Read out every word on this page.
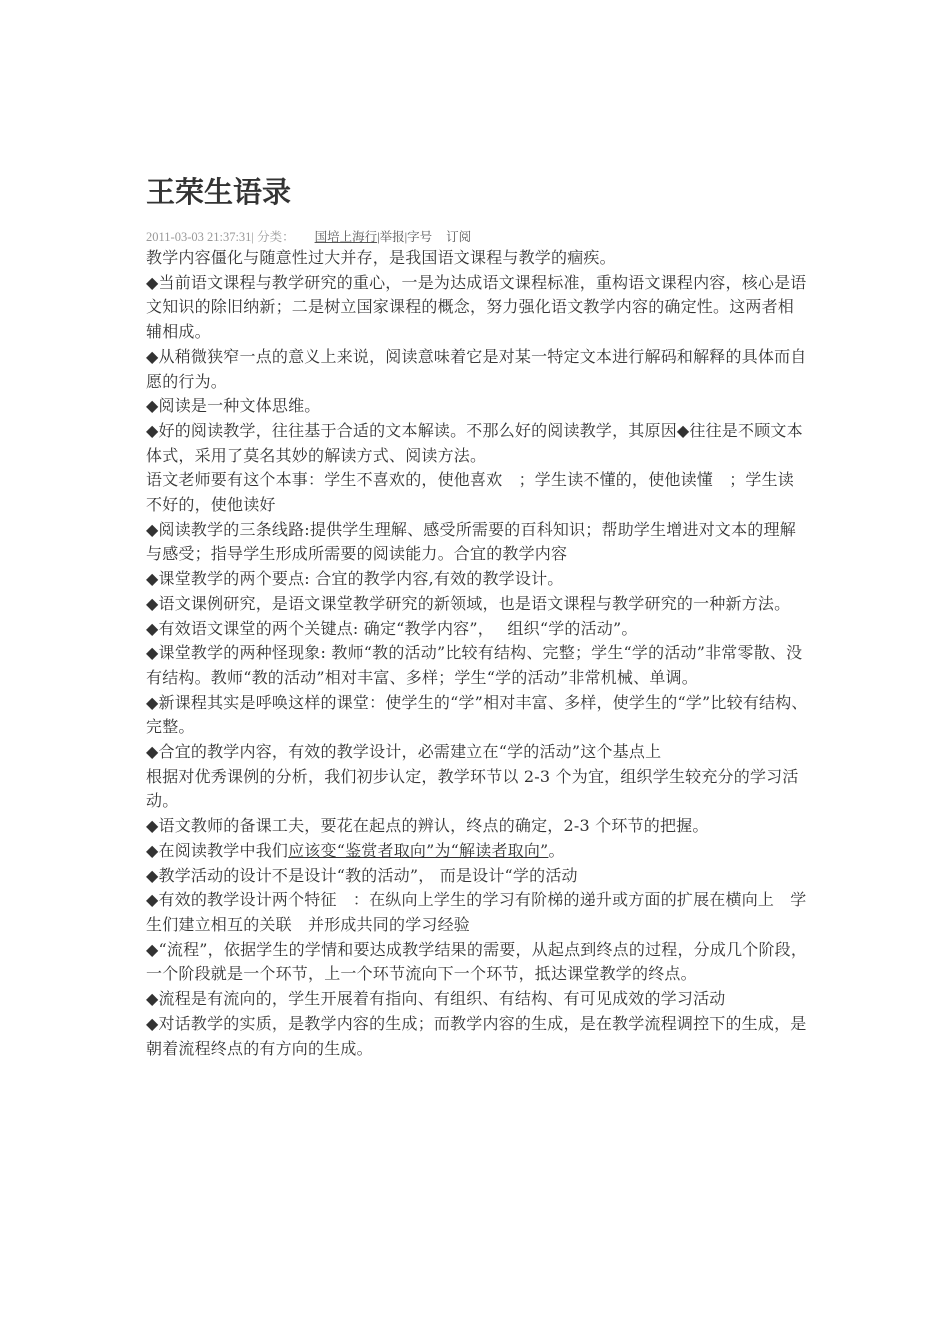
王荣生语录
2011-03-03 21:37:31| 分类： 国培上海行|举报|字号 订阅

教学内容僵化与随意性过大并存，是我国语文课程与教学的痼疾。

◆当前语文课程与教学研究的重心，一是为达成语文课程标准，重构语文课程内容，核心是语文知识的除旧纳新；二是树立国家课程的概念，努力强化语文教学内容的确定性。这两者相辅相成。

◆从稍微狭窄一点的意义上来说，阅读意味着它是对某一特定文本进行解码和解释的具体而自愿的行为。

◆阅读是一种文体思维。

◆好的阅读教学，往往基于合适的文本解读。不那么好的阅读教学，其原因◆往往是不顾文本体式，采用了莫名其妙的解读方式、阅读方法。

语文老师要有这个本事：学生不喜欢的，使他喜欢　；学生读不懂的，使他读懂　；学生读不好的，使他读好

◆阅读教学的三条线路:提供学生理解、感受所需要的百科知识；帮助学生增进对文本的理解与感受；指导学生形成所需要的阅读能力。合宜的教学内容

◆课堂教学的两个要点: 合宜的教学内容,有效的教学设计。

◆语文课例研究，是语文课堂教学研究的新领域，也是语文课程与教学研究的一种新方法。

◆有效语文课堂的两个关键点: 确定“教学内容”，　 组织“学的活动”。

◆课堂教学的两种怪现象: 教师“教的活动”比较有结构、完整；学生“学的活动”非常零散、没有结构。教师“教的活动”相对丰富、多样；学生“学的活动”非常机械、单调。

◆新课程其实是呼唤这样的课堂：使学生的“学”相对丰富、多样，使学生的“学”比较有结构、完整。

◆合宜的教学内容，有效的教学设计，必需建立在“学的活动”这个基点上

根据对优秀课例的分析，我们初步认定，教学环节以 2-3 个为宜，组织学生较充分的学习活动。

◆语文教师的备课工夫，要花在起点的辨认，终点的确定，2-3 个环节的把握。

◆在阅读教学中我们应该变“鉴赏者取向”为“解读者取向”。

◆教学活动的设计不是设计“教的活动”， 而是设计“学的活动

◆有效的教学设计两个特征　：在纵向上学生的学习有阶梯的递升或方面的扩展在横向上　学生们建立相互的关联　并形成共同的学习经验

◆“流程”，依据学生的学情和要达成教学结果的需要，从起点到终点的过程，分成几个阶段，一个阶段就是一个环节，上一个环节流向下一个环节，抵达课堂教学的终点。

◆流程是有流向的，学生开展着有指向、有组织、有结构、有可见成效的学习活动

◆对话教学的实质，是教学内容的生成；而教学内容的生成，是在教学流程调控下的生成，是朝着流程终点的有方向的生成。
